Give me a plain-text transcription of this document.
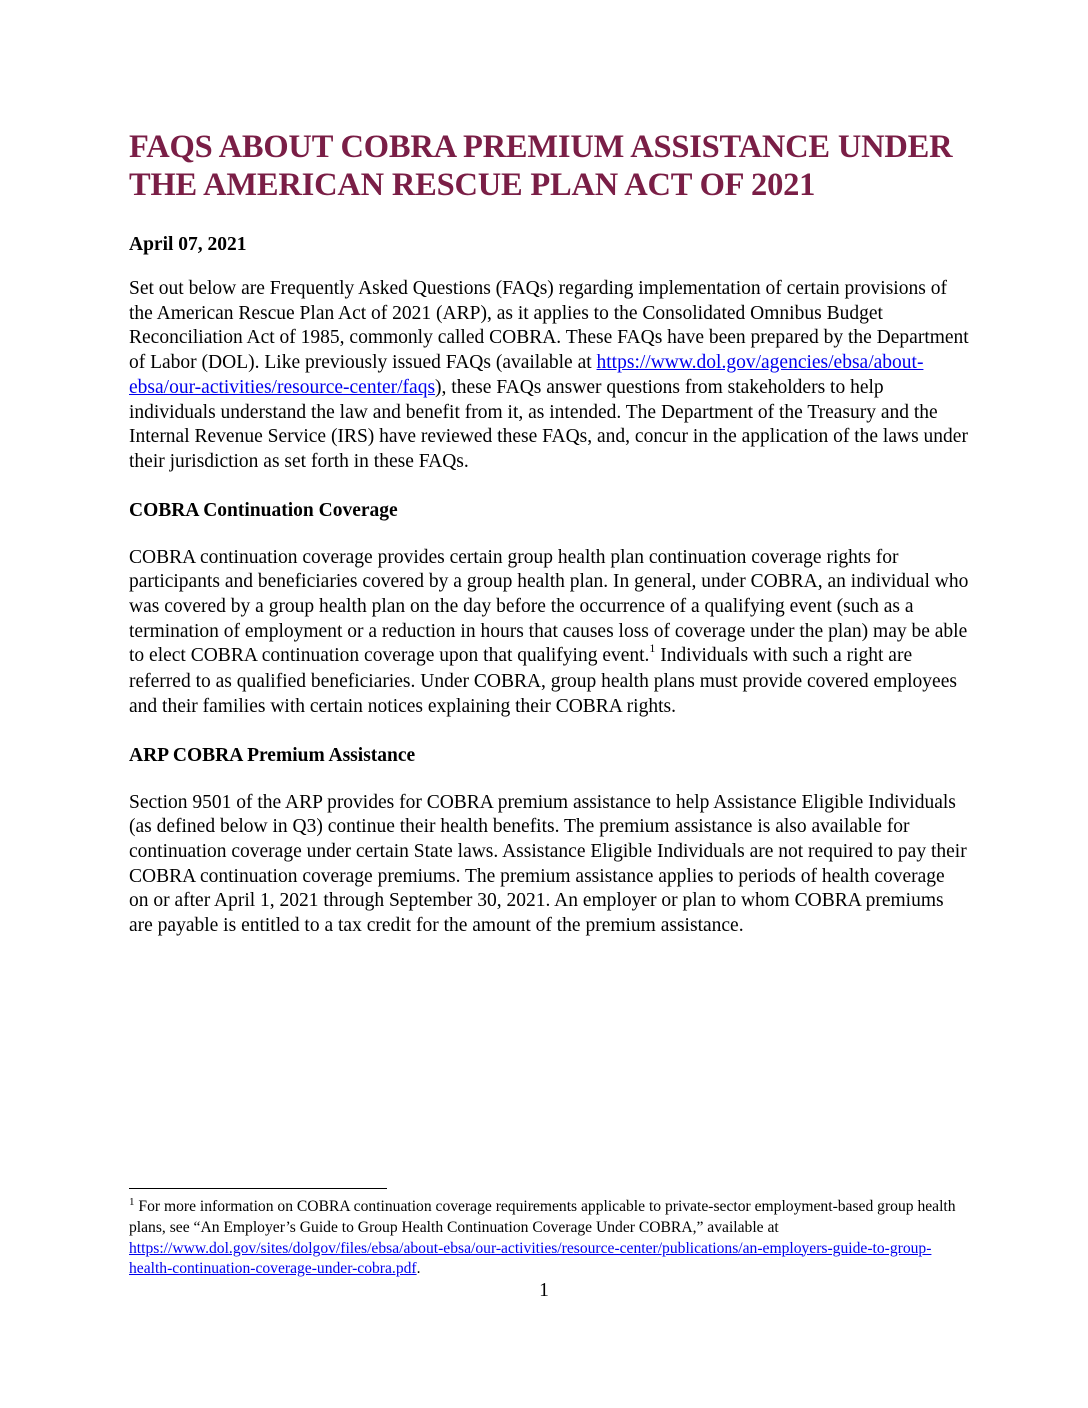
FAQS ABOUT COBRA PREMIUM ASSISTANCE UNDER
THE AMERICAN RESCUE PLAN ACT OF 2021

April 07, 2021

Set out below are Frequently Asked Questions (FAQs) regarding implementation of certain provisions of the American Rescue Plan Act of 2021 (ARP), as it applies to the Consolidated Omnibus Budget Reconciliation Act of 1985, commonly called COBRA. These FAQs have been prepared by the Department of Labor (DOL). Like previously issued FAQs (available at https://www.dol.gov/agencies/ebsa/about-ebsa/our-activities/resource-center/faqs), these FAQs answer questions from stakeholders to help individuals understand the law and benefit from it, as intended. The Department of the Treasury and the Internal Revenue Service (IRS) have reviewed these FAQs, and, concur in the application of the laws under their jurisdiction as set forth in these FAQs.

COBRA Continuation Coverage

COBRA continuation coverage provides certain group health plan continuation coverage rights for participants and beneficiaries covered by a group health plan. In general, under COBRA, an individual who was covered by a group health plan on the day before the occurrence of a qualifying event (such as a termination of employment or a reduction in hours that causes loss of coverage under the plan) may be able to elect COBRA continuation coverage upon that qualifying event.$^1$ Individuals with such a right are referred to as qualified beneficiaries. Under COBRA, group health plans must provide covered employees and their families with certain notices explaining their COBRA rights.

ARP COBRA Premium Assistance

Section 9501 of the ARP provides for COBRA premium assistance to help Assistance Eligible Individuals (as defined below in Q3) continue their health benefits. The premium assistance is also available for continuation coverage under certain State laws. Assistance Eligible Individuals are not required to pay their COBRA continuation coverage premiums. The premium assistance applies to periods of health coverage on or after April 1, 2021 through September 30, 2021. An employer or plan to whom COBRA premiums are payable is entitled to a tax credit for the amount of the premium assistance.

$^1$ For more information on COBRA continuation coverage requirements applicable to private-sector employment-based group health plans, see “An Employer’s Guide to Group Health Continuation Coverage Under COBRA,” available at https://www.dol.gov/sites/dolgov/files/ebsa/about-ebsa/our-activities/resource-center/publications/an-employers-guide-to-group-health-continuation-coverage-under-cobra.pdf.

1
